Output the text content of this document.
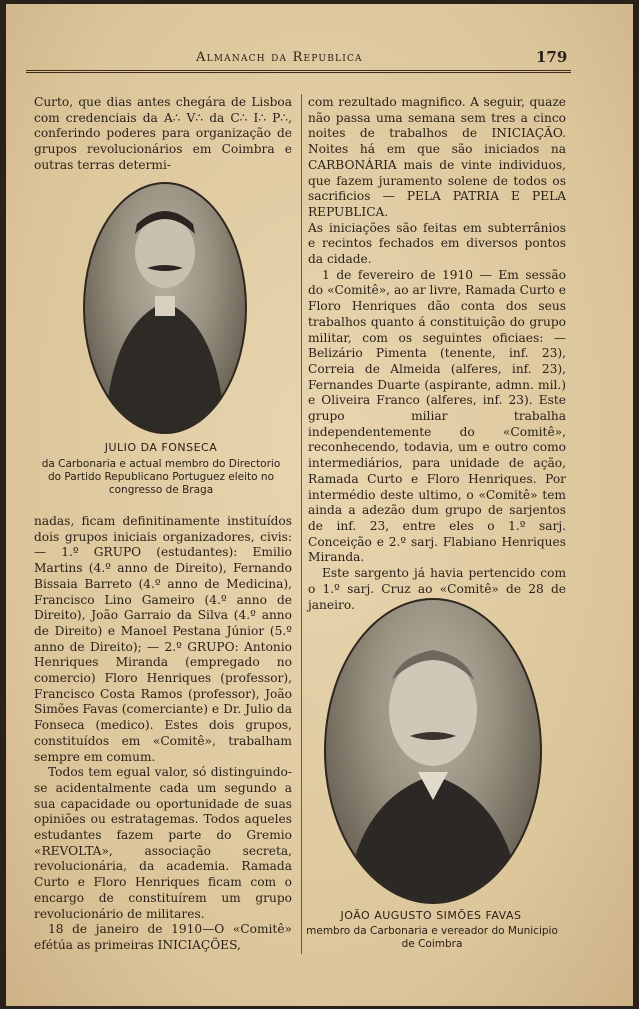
Almanach da Republica	179

Curto, que dias antes chegára de Lisboa com credenciais da A∴ V∴ da C∴ I∴ P∴, conferindo poderes para organização de grupos revolucionários em Coimbra e outras terras determi-

JULIO DA FONSECA
da Carbonaria e actual membro do Directorio do Partido Republicano Portuguez eleito no congresso de Braga

nadas, ficam definitinamente instituídos dois grupos iniciais organizadores, civis: — 1.º GRUPO (estudantes): Emilio Martins (4.º anno de Direito), Fernando Bissaia Barreto (4.º anno de Medicina), Francisco Lino Gameiro (4.º anno de Direito), João Garraio da Silva (4.º anno de Direito) e Manoel Pestana Júnior (5.º anno de Direito); — 2.º GRUPO: Antonio Henriques Miranda (empregado no comercio) Floro Henriques (professor), Francisco Costa Ramos (professor), João Simões Favas (comerciante) e Dr. Julio da Fonseca (medico). Estes dois grupos, constituídos em «Comitê», trabalham sempre em comum.

Todos tem egual valor, só distinguindo-se acidentalmente cada um segundo a sua capacidade ou oportunidade de suas opiniões ou estratagemas. Todos aqueles estudantes fazem parte do Gremio «REVOLTA», associação secreta, revolucionária, da academia. Ramada Curto e Floro Henriques ficam com o encargo de constituírem um grupo revolucionário de militares.

18 de janeiro de 1910—O «Comitê» efétúa as primeiras INICIAÇÕES,

com rezultado magnifico. A seguir, quaze não passa uma semana sem tres a cinco noites de trabalhos de INICIAÇÃO. Noites há em que são iniciados na CARBONÁRIA mais de vinte individuos, que fazem juramento solene de todos os sacrificios — PELA PATRIA E PELA REPUBLICA.

As iniciações são feitas em subterrânios e recintos fechados em diversos pontos da cidade.

1 de fevereiro de 1910 — Em sessão do «Comitê», ao ar livre, Ramada Curto e Floro Henriques dão conta dos seus trabalhos quanto á constituição do grupo militar, com os seguintes oficiaes: — Belizário Pimenta (tenente, inf. 23), Correia de Almeida (alferes, inf. 23), Fernandes Duarte (aspirante, admn. mil.) e Oliveira Franco (alferes, inf. 23). Este grupo miliar trabalha independentemente do «Comitê», reconhecendo, todavia, um e outro como intermediários, para unidade de ação, Ramada Curto e Floro Henriques. Por intermédio deste ultimo, o «Comitê» tem ainda a adezão dum grupo de sarjentos de inf. 23, entre eles o 1.º sarj. Conceição e 2.º sarj. Flabiano Henriques Miranda.

Este sargento já havia pertencido com o 1.º sarj. Cruz ao «Comitê» de 28 de janeiro.

JOÃO AUGUSTO SIMÕES FAVAS
membro da Carbonaria e vereador do Municipio de Coimbra
